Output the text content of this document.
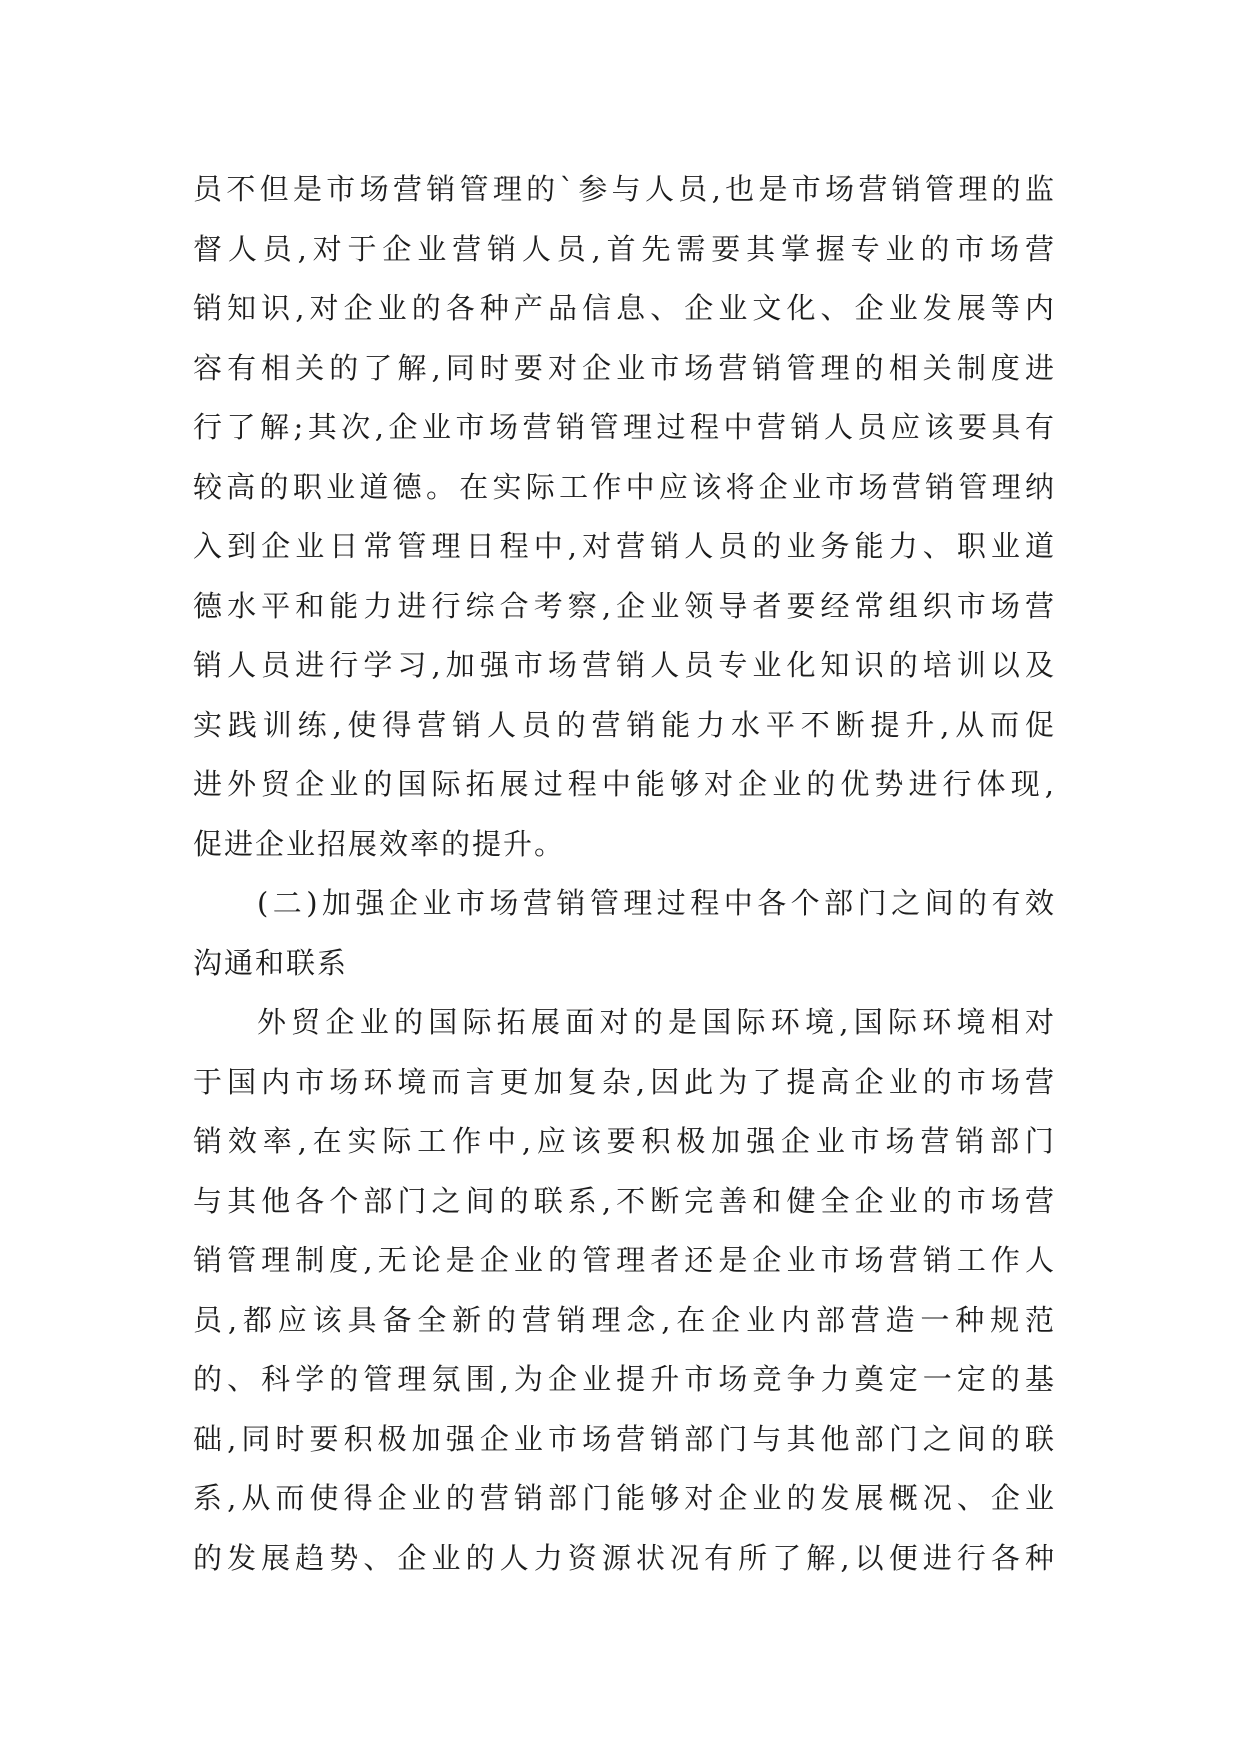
员不但是市场营销管理的`参与人员,也是市场营销管理的监
督人员,对于企业营销人员,首先需要其掌握专业的市场营
销知识,对企业的各种产品信息、企业文化、企业发展等内
容有相关的了解,同时要对企业市场营销管理的相关制度进
行了解;其次,企业市场营销管理过程中营销人员应该要具有
较高的职业道德。在实际工作中应该将企业市场营销管理纳
入到企业日常管理日程中,对营销人员的业务能力、职业道
德水平和能力进行综合考察,企业领导者要经常组织市场营
销人员进行学习,加强市场营销人员专业化知识的培训以及
实践训练,使得营销人员的营销能力水平不断提升,从而促
进外贸企业的国际拓展过程中能够对企业的优势进行体现,
促进企业招展效率的提升。
(二)加强企业市场营销管理过程中各个部门之间的有效
沟通和联系
外贸企业的国际拓展面对的是国际环境,国际环境相对
于国内市场环境而言更加复杂,因此为了提高企业的市场营
销效率,在实际工作中,应该要积极加强企业市场营销部门
与其他各个部门之间的联系,不断完善和健全企业的市场营
销管理制度,无论是企业的管理者还是企业市场营销工作人
员,都应该具备全新的营销理念,在企业内部营造一种规范
的、科学的管理氛围,为企业提升市场竞争力奠定一定的基
础,同时要积极加强企业市场营销部门与其他部门之间的联
系,从而使得企业的营销部门能够对企业的发展概况、企业
的发展趋势、企业的人力资源状况有所了解,以便进行各种
